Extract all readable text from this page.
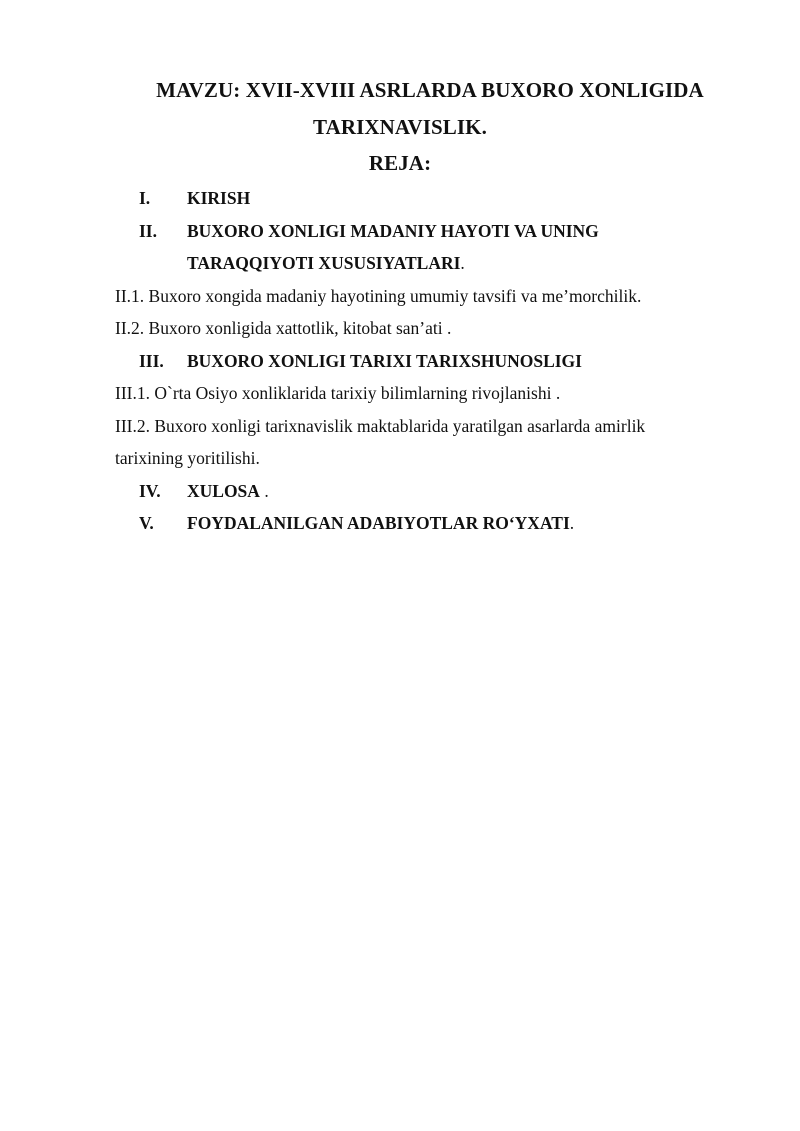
MAVZU: XVII-XVIII ASRLARDA BUXORO XONLIGIDA
TARIXNAVISLIK.
REJA:
I.	KIRISH
II.	BUXORO XONLIGI MADANIY HAYOTI VA UNING
TARAQQIYOTI XUSUSIYATLARI.
II.1. Buxoro xongida madaniy hayotining umumiy tavsifi va me’morchilik.
II.2. Buxoro xonligida xattotlik, kitobat san’ati .
III.	BUXORO XONLIGI TARIXI TARIXSHUNOSLIGI
III.1. O`rta Osiyo xonliklarida tarixiy bilimlarning rivojlanishi .
III.2. Buxoro xonligi tarixnavislik maktablarida yaratilgan asarlarda amirlik
tarixining yoritilishi.
IV.	XULOSA .
V.	FOYDALANILGAN ADABIYOTLAR RO‘YXATI.
